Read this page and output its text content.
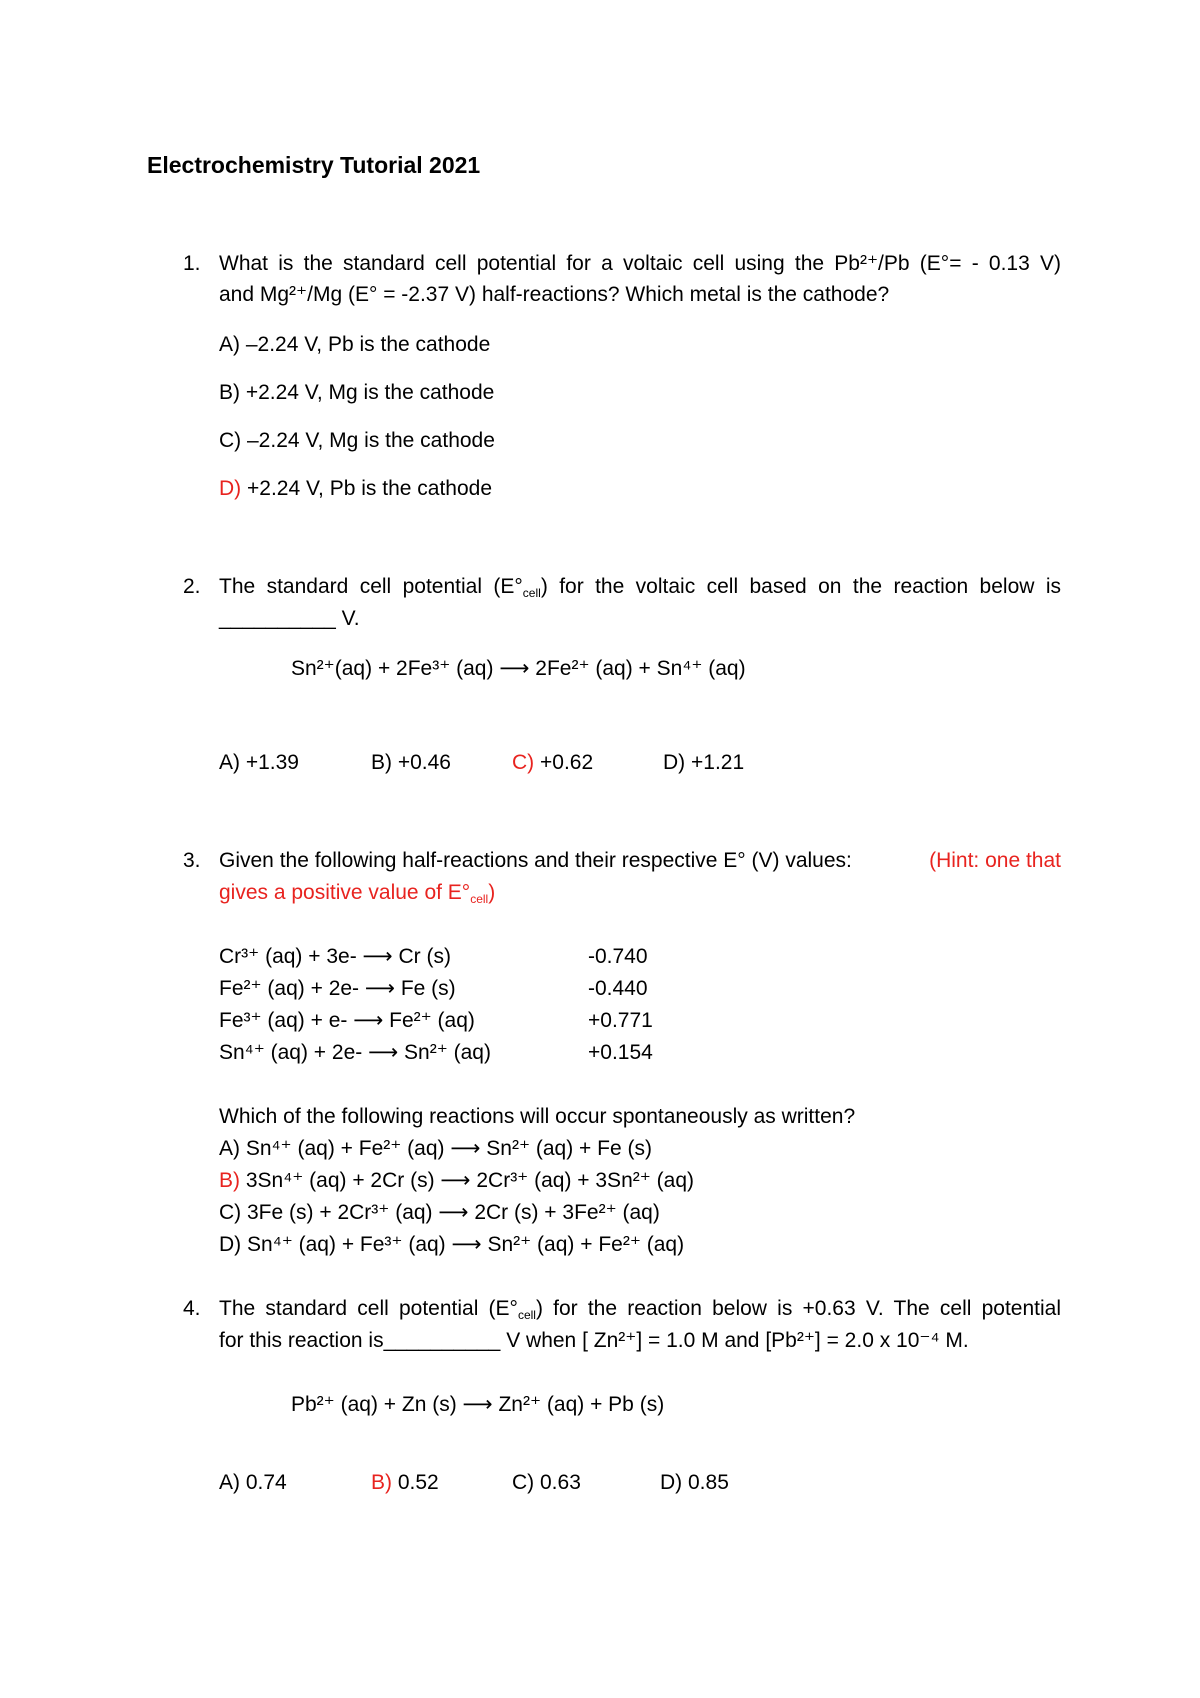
Electrochemistry Tutorial 2021
1. What is the standard cell potential for a voltaic cell using the Pb²⁺/Pb (E°= - 0.13 V)
and Mg²⁺/Mg (E° = -2.37 V) half-reactions? Which metal is the cathode?
A) –2.24 V, Pb is the cathode
B) +2.24 V, Mg is the cathode
C) –2.24 V, Mg is the cathode
D) +2.24 V, Pb is the cathode
2. The standard cell potential $(E^\circ_{cell})$ for the voltaic cell based on the reaction below is
__________ V.
Sn²⁺(aq) + 2Fe³⁺ (aq) ⟶ 2Fe²⁺ (aq) + Sn⁴⁺ (aq)
A) +1.39	B) +0.46	C) +0.62	D) +1.21
3. Given the following half-reactions and their respective E° (V) values:	(Hint: one that
gives a positive value of $E^\circ_{cell}$)
Cr³⁺ (aq) + 3e- ⟶ Cr (s)	-0.740
Fe²⁺ (aq) + 2e- ⟶ Fe (s)	-0.440
Fe³⁺ (aq) + e- ⟶ Fe²⁺ (aq)	+0.771
Sn⁴⁺ (aq) + 2e- ⟶ Sn²⁺ (aq)	+0.154
Which of the following reactions will occur spontaneously as written?
A) Sn⁴⁺ (aq) + Fe²⁺ (aq) ⟶ Sn²⁺ (aq) + Fe (s)
B) 3Sn⁴⁺ (aq) + 2Cr (s) ⟶ 2Cr³⁺ (aq) + 3Sn²⁺ (aq)
C) 3Fe (s) + 2Cr³⁺ (aq) ⟶ 2Cr (s) + 3Fe²⁺ (aq)
D) Sn⁴⁺ (aq) + Fe³⁺ (aq) ⟶ Sn²⁺ (aq) + Fe²⁺ (aq)
4. The standard cell potential $(E^\circ_{cell})$ for the reaction below is +0.63 V. The cell potential
for this reaction is__________ V when [ Zn²⁺] = 1.0 M and [Pb²⁺] = 2.0 x 10⁻⁴ M.
Pb²⁺ (aq) + Zn (s) ⟶ Zn²⁺ (aq) + Pb (s)
A) 0.74	B) 0.52	C) 0.63	D) 0.85
